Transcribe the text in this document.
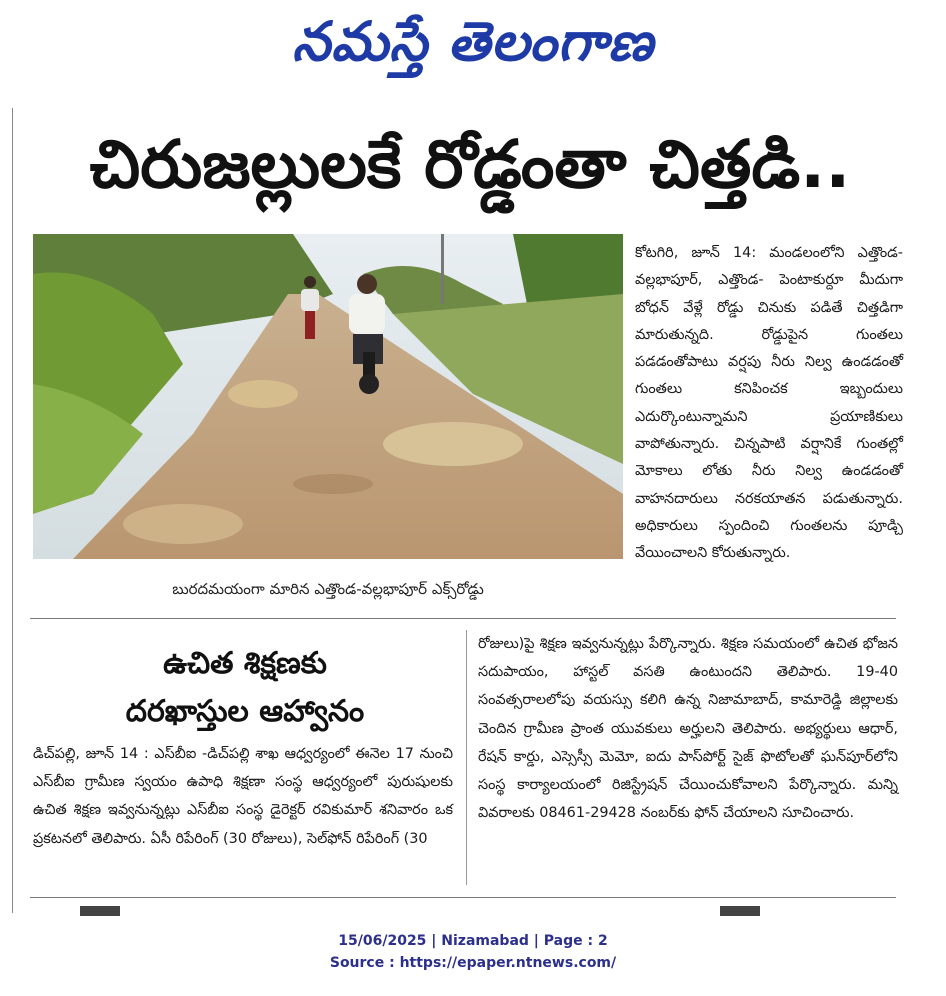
నమస్తే తెలంగాణ
చిరుజల్లులకే రోడ్డంతా చిత్తడి..
బురదమయంగా మారిన ఎత్తొండ-వల్లభాపూర్ ఎక్స్‌రోడ్డు
కోటగిరి, జూన్ 14: మండలంలోని ఎత్తొండ- వల్లభాపూర్, ఎత్తొండ- పెంటాకుర్దూ మీదుగా బోధన్ వేళ్లే రోడ్డు చినుకు పడితే చిత్తడిగా మారుతున్నది. రోడ్డుపైన గుంతలు పడడంతోపాటు వర్షపు నీరు నిల్వ ఉండడంతో గుంతలు కనిపించక ఇబ్బందులు ఎదుర్కొంటున్నామని ప్రయాణికులు వాపోతున్నారు. చిన్నపాటి వర్షానికే గుంతల్లో మోకాలు లోతు నీరు నిల్వ ఉండడంతో వాహనదారులు నరకయాతన పడుతున్నారు. అధికారులు స్పందించి గుంతలను పూడ్చి వేయించాలని కోరుతున్నారు.
ఉచిత శిక్షణకు
దరఖాస్తుల ఆహ్వానం
డిచ్‌పల్లి, జూన్ 14 : ఎస్‌బీఐ -డిచ్‌పల్లి శాఖ ఆధ్వర్యంలో ఈనెల 17 నుంచి ఎస్‌బీఐ గ్రామీణ స్వయం ఉపాధి శిక్షణా సంస్థ ఆధ్వర్యంలో పురుషులకు ఉచిత శిక్షణ ఇవ్వనున్నట్లు ఎస్‌బీఐ సంస్థ డైరెక్టర్ రవికుమార్ శనివారం ఒక ప్రకటనలో తెలిపారు. ఏసీ రిపేరింగ్ (30 రోజులు), సెల్‌ఫోన్ రిపేరింగ్ (30
రోజులు)పై శిక్షణ ఇవ్వనున్నట్లు పేర్కొన్నారు. శిక్షణ సమయంలో ఉచిత భోజన సదుపాయం, హాస్టల్ వసతి ఉంటుందని తెలిపారు. 19-40 సంవత్సరాలలోపు వయస్సు కలిగి ఉన్న నిజామాబాద్, కామారెడ్డి జిల్లాలకు చెందిన గ్రామీణ ప్రాంత యువకులు అర్హులని తెలిపారు. అభ్యర్థులు ఆధార్, రేషన్ కార్డు, ఎస్సెస్సీ మెమో, ఐదు పాస్‌పోర్ట్ సైజ్ ఫొటోలతో ఘన్‌పూర్‌లోని సంస్థ కార్యాలయంలో రిజిస్ట్రేషన్ చేయించుకోవాలని పేర్కొన్నారు. మన్ని వివరాలకు 08461-29428 నంబర్‌కు ఫోన్ చేయాలని సూచించారు.
15/06/2025 | Nizamabad | Page : 2
Source : https://epaper.ntnews.com/
